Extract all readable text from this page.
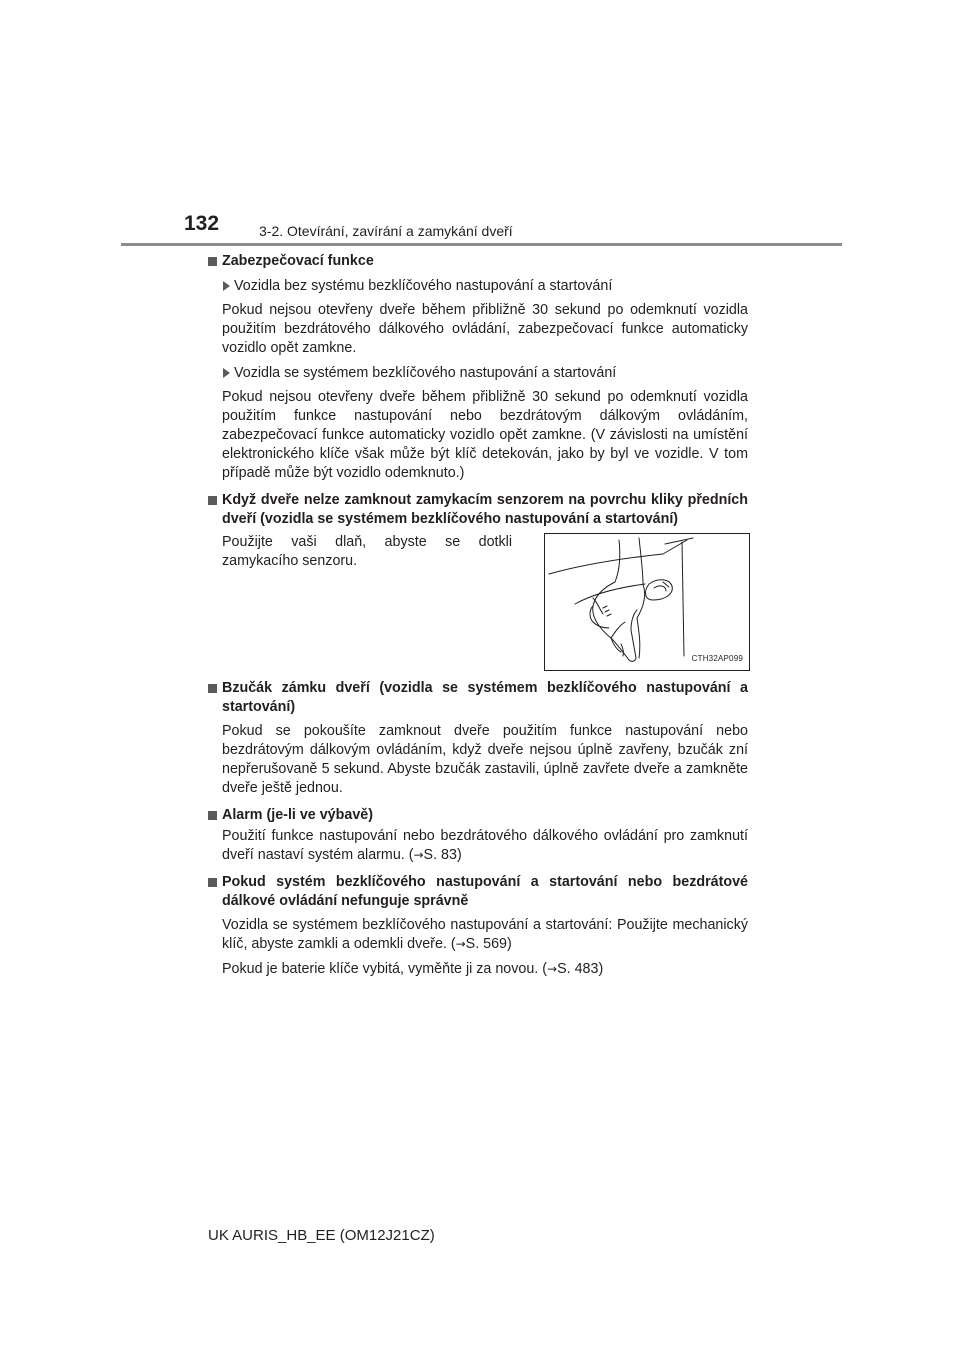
132	3-2. Otevírání, zavírání a zamykání dveří
Zabezpečovací funkce
Vozidla bez systému bezklíčového nastupování a startování

Pokud nejsou otevřeny dveře během přibližně 30 sekund po odemknutí vozidla použitím bezdrátového dálkového ovládání, zabezpečovací funkce automaticky vozidlo opět zamkne.

Vozidla se systémem bezklíčového nastupování a startování

Pokud nejsou otevřeny dveře během přibližně 30 sekund po odemknutí vozidla použitím funkce nastupování nebo bezdrátovým dálkovým ovládáním, zabezpečovací funkce automaticky vozidlo opět zamkne. (V závislosti na umístění elektronického klíče však může být klíč detekován, jako by byl ve vozidle. V tom případě může být vozidlo odemknuto.)

Když dveře nelze zamknout zamykacím senzorem na povrchu kliky předních dveří (vozidla se systémem bezklíčového nastupování a startování)

Použijte vaši dlaň, abyste se dotkli zamykacího senzoru.

CTH32AP099
Bzučák zámku dveří (vozidla se systémem bezklíčového nastupování a startování)

Pokud se pokoušíte zamknout dveře použitím funkce nastupování nebo bezdrátovým dálkovým ovládáním, když dveře nejsou úplně zavřeny, bzučák zní nepřerušovaně 5 sekund. Abyste bzučák zastavili, úplně zavřete dveře a zamkněte dveře ještě jednou.

Alarm (je-li ve výbavě)

Použití funkce nastupování nebo bezdrátového dálkového ovládání pro zamknutí dveří nastaví systém alarmu. (→S. 83)

Pokud systém bezklíčového nastupování a startování nebo bezdrátové dálkové ovládání nefunguje správně

Vozidla se systémem bezklíčového nastupování a startování: Použijte mechanický klíč, abyste zamkli a odemkli dveře. (→S. 569)

Pokud je baterie klíče vybitá, vyměňte ji za novou. (→S. 483)

UK AURIS_HB_EE (OM12J21CZ)
